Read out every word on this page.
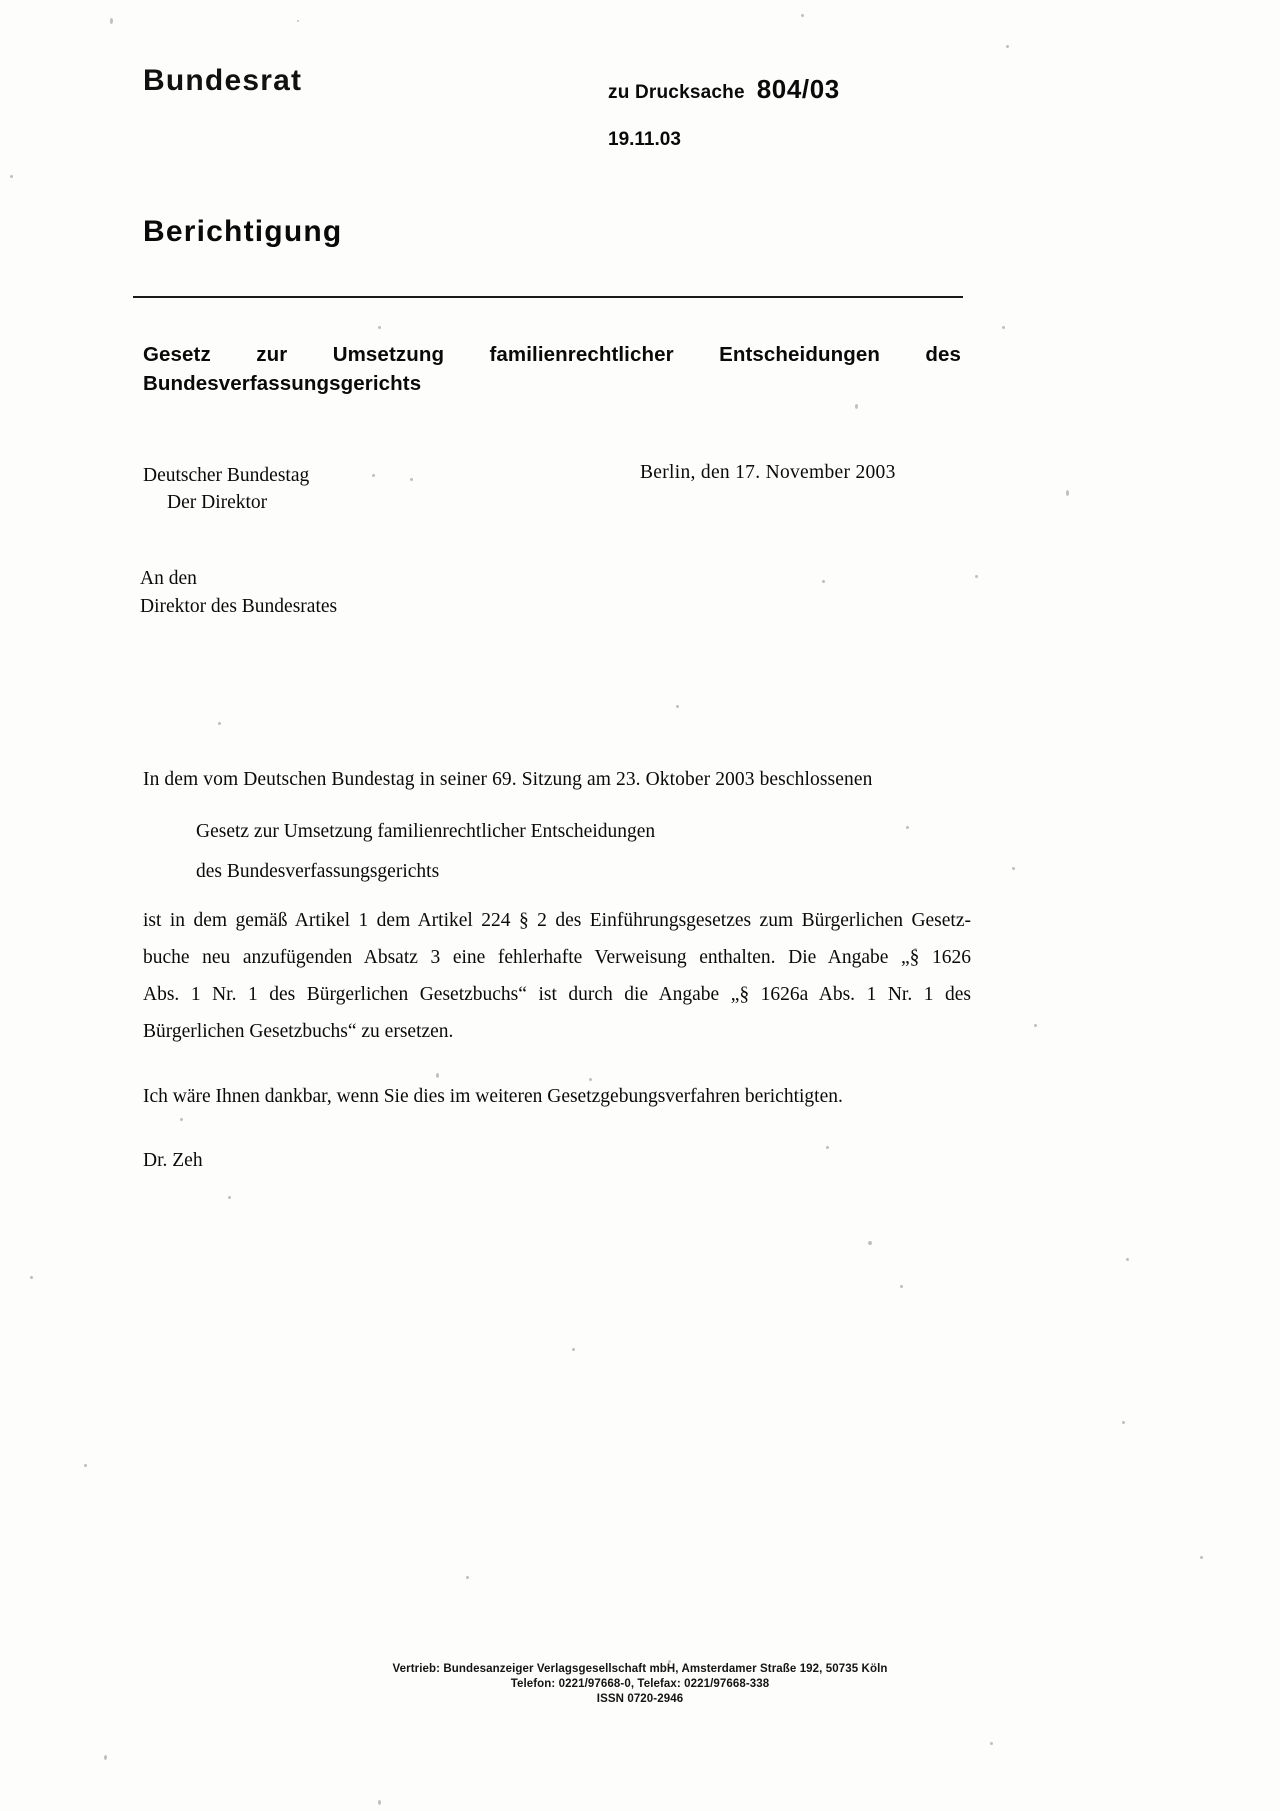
Bundesrat	zu Drucksache 804/03
19.11.03
Berichtigung
Gesetz zur Umsetzung familienrechtlicher Entscheidungen des
Bundesverfassungsgerichts
Deutscher Bundestag
Der Direktor
Berlin, den 17. November 2003
An den
Direktor des Bundesrates
In dem vom Deutschen Bundestag in seiner 69. Sitzung am 23. Oktober 2003 beschlossenen
Gesetz zur Umsetzung familienrechtlicher Entscheidungen
des Bundesverfassungsgerichts
ist in dem gemäß Artikel 1 dem Artikel 224 § 2 des Einführungsgesetzes zum Bürgerlichen Gesetz-
buche neu anzufügenden Absatz 3 eine fehlerhafte Verweisung enthalten. Die Angabe „§ 1626
Abs. 1 Nr. 1 des Bürgerlichen Gesetzbuchs“ ist durch die Angabe „§ 1626a Abs. 1 Nr. 1 des
Bürgerlichen Gesetzbuchs“ zu ersetzen.
Ich wäre Ihnen dankbar, wenn Sie dies im weiteren Gesetzgebungsverfahren berichtigten.
Dr. Zeh
Vertrieb: Bundesanzeiger Verlagsgesellschaft mbH, Amsterdamer Straße 192, 50735 Köln
Telefon: 0221/97668-0, Telefax: 0221/97668-338
ISSN 0720-2946
